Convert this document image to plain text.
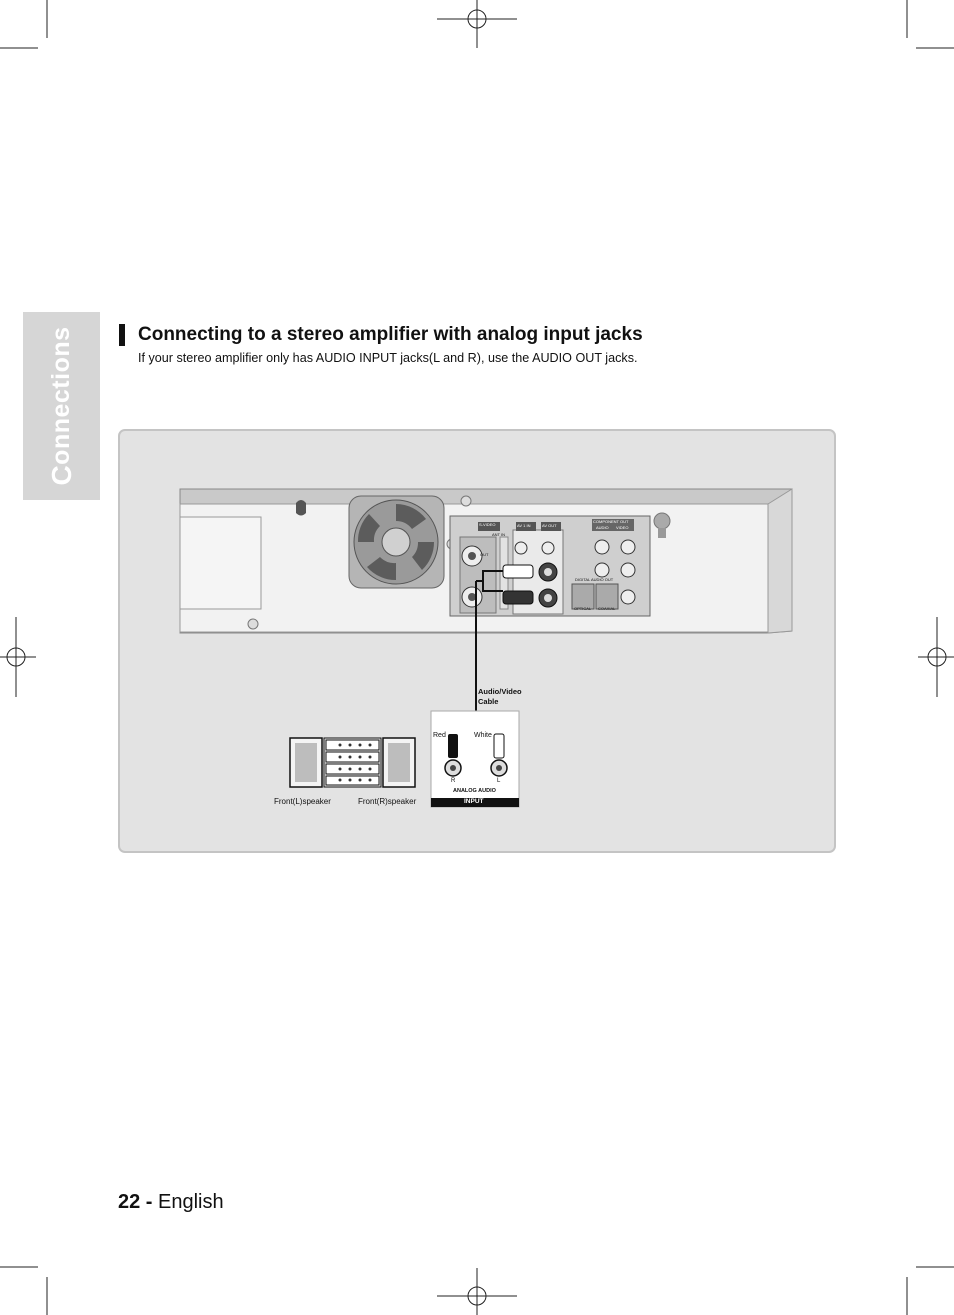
C
onnections	Connecting to a stereo amplifier with analog input jacks
If your stereo amplifier only has AUDIO INPUT jacks(L and R), use the AUDIO OUT jacks.
Audio/Video
Cable
Red	White
R	L
ANALOG AUDIO
INPUT
Front(L)speaker	Front(R)speaker
S-VIDEO	AV 1 IN	AV OUT
COMPONENT OUT
AUDIO VIDEO
DIGITAL AUDIO OUT
OPTICAL COAXIAL
ANT IN
OUT
22 - English
